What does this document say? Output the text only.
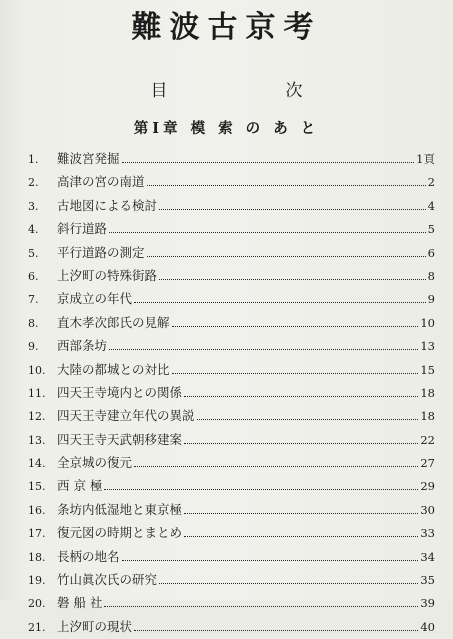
難波古京考
目	次
第Ⅰ章 模 索 の あ と
1.	難波宮発掘	1頁
2.	高津の宮の南道	2
3.	古地図による検討	4
4.	斜行道路	5
5.	平行道路の測定	6
6.	上汐町の特殊街路	8
7.	京成立の年代	9
8.	直木孝次郎氏の見解	10
9.	西部条坊	13
10. 大陸の都城との対比	15
11. 四天王寺境内との関係	18
12. 四天王寺建立年代の異説	18
13. 四天王寺天武朝移建案	22
14. 全京城の復元	27
15. 西 京 極	29
16. 条坊内低湿地と東京極	30
17. 復元図の時期とまとめ	33
18. 長柄の地名	34
19. 竹山眞次氏の研究	35
20. 磐 船 社	39
21. 上汐町の現状	40
